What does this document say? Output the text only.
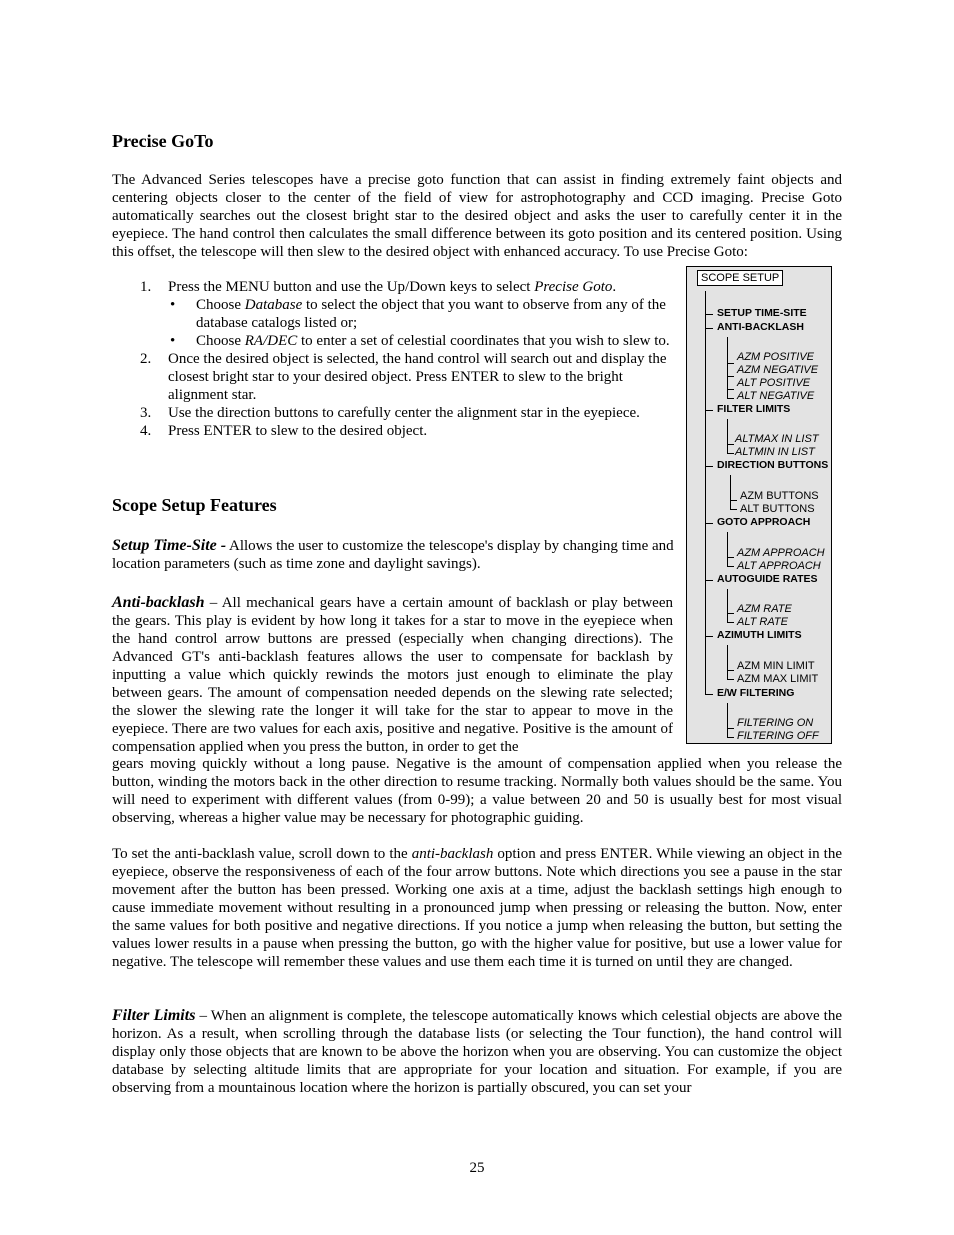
Precise GoTo

The Advanced Series telescopes have a precise goto function that can assist in finding extremely faint objects and centering objects closer to the center of the field of view for astrophotography and CCD imaging. Precise Goto automatically searches out the closest bright star to the desired object and asks the user to carefully center it in the eyepiece. The hand control then calculates the small difference between its goto position and its centered position. Using this offset, the telescope will then slew to the desired object with enhanced accuracy. To use Precise Goto:

1. Press the MENU button and use the Up/Down keys to select Precise Goto.
• Choose Database to select the object that you want to observe from any of the database catalogs listed or;
• Choose RA/DEC to enter a set of celestial coordinates that you wish to slew to.
2. Once the desired object is selected, the hand control will search out and display the closest bright star to your desired object. Press ENTER to slew to the bright alignment star.
3. Use the direction buttons to carefully center the alignment star in the eyepiece.
4. Press ENTER to slew to the desired object.
Scope Setup Features

Setup Time-Site - Allows the user to customize the telescope's display by changing time and location parameters (such as time zone and daylight savings).

Anti-backlash – All mechanical gears have a certain amount of backlash or play between the gears. This play is evident by how long it takes for a star to move in the eyepiece when the hand control arrow buttons are pressed (especially when changing directions). The Advanced GT's anti-backlash features allows the user to compensate for backlash by inputting a value which quickly rewinds the motors just enough to eliminate the play between gears. The amount of compensation needed depends on the slewing rate selected; the slower the slewing rate the longer it will take for the star to appear to move in the eyepiece. There are two values for each axis, positive and negative. Positive is the amount of compensation applied when you press the button, in order to get the

gears moving quickly without a long pause. Negative is the amount of compensation applied when you release the button, winding the motors back in the other direction to resume tracking. Normally both values should be the same. You will need to experiment with different values (from 0-99); a value between 20 and 50 is usually best for most visual observing, whereas a higher value may be necessary for photographic guiding.

To set the anti-backlash value, scroll down to the anti-backlash option and press ENTER. While viewing an object in the eyepiece, observe the responsiveness of each of the four arrow buttons. Note which directions you see a pause in the star movement after the button has been pressed. Working one axis at a time, adjust the backlash settings high enough to cause immediate movement without resulting in a pronounced jump when pressing or releasing the button. Now, enter the same values for both positive and negative directions. If you notice a jump when releasing the button, but setting the values lower results in a pause when pressing the button, go with the higher value for positive, but use a lower value for negative. The telescope will remember these values and use them each time it is turned on until they are changed.

Filter Limits – When an alignment is complete, the telescope automatically knows which celestial objects are above the horizon. As a result, when scrolling through the database lists (or selecting the Tour function), the hand control will display only those objects that are known to be above the horizon when you are observing. You can customize the object database by selecting altitude limits that are appropriate for your location and situation. For example, if you are observing from a mountainous location where the horizon is partially obscured, you can set your

SCOPE SETUP
SETUP TIME-SITE
ANTI-BACKLASH
AZM POSITIVE
AZM NEGATIVE
ALT POSITIVE
ALT NEGATIVE
FILTER LIMITS
ALTMAX IN LIST
ALTMIN IN LIST
DIRECTION BUTTONS
AZM BUTTONS
ALT BUTTONS
GOTO APPROACH
AZM APPROACH
ALT APPROACH
AUTOGUIDE RATES
AZM RATE
ALT RATE
AZIMUTH LIMITS
AZM MIN LIMIT
AZM MAX LIMIT
E/W FILTERING
FILTERING ON
FILTERING OFF
25
